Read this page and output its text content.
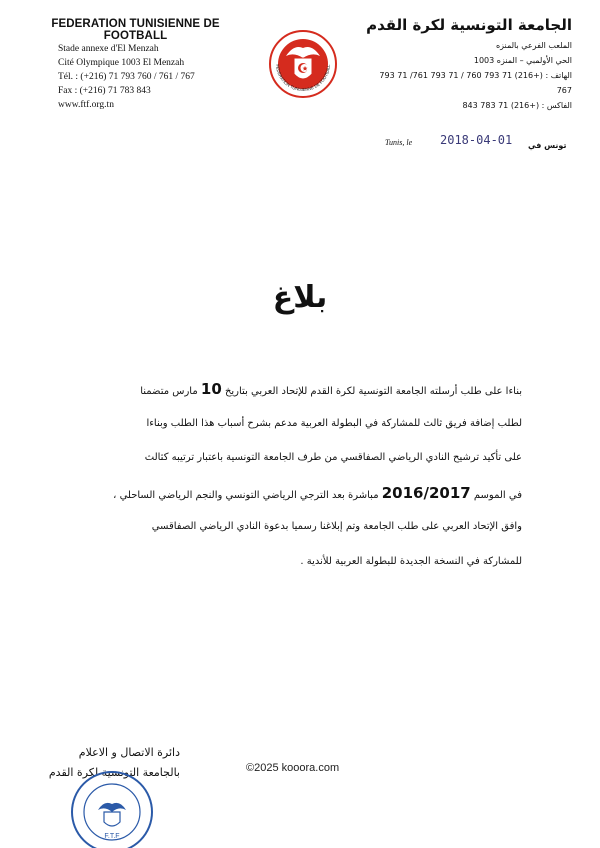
FEDERATION TUNISIENNE DE FOOTBALL
Stade annexe d'El Menzah
Cité Olympique 1003 El Menzah
Tél. : (+216) 71 793 760 / 761 / 767
Fax : (+216) 71 783 843
www.ftf.org.tn
FEDERATION TUNISIENNE DE FOOTBALL
الجامعة التونسية لكرة القدم
الملعب الفرعي بالمنزه
الحي الأولمبي – المنزه 1003
الهاتف : (+216) 71 793 760 / 71 793 761/ 71 793 767
الفاكس : (+216) 71 783 843
Tunis, le 2018-04-01 تونس في
بلاغ
بناءا على طلب أرسلته الجامعة التونسية لكرة القدم للإتحاد العربي بتاريخ 10 مارس متضمنا
لطلب إضافة فريق ثالث للمشاركة في البطولة العربية مدعم بشرح أسباب هذا الطلب وبناءا
على تأكيد ترشيح النادي الرياضي الصفاقسي من طرف الجامعة التونسية باعتبار ترتيبه كثالث
في الموسم 2016/2017 مباشرة بعد الترجي الرياضي التونسي والنجم الرياضي الساحلي ،
وافق الإتحاد العربي على طلب الجامعة وتم إبلاغنا رسميا بدعوة النادي الرياضي الصفاقسي
للمشاركة في النسخة الجديدة للبطولة العربية للأندية .
دائرة الاتصال و الاعلام
بالجامعة التونسية لكرة القدم
F.T.F
©2025 kooora.com
